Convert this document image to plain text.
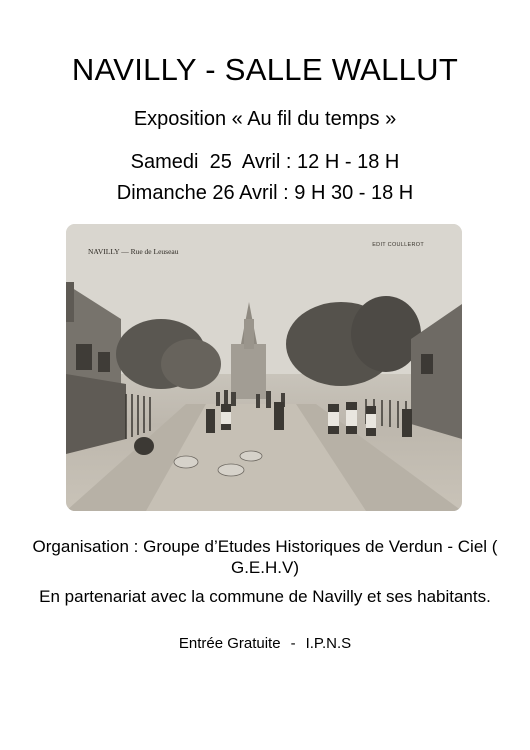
NAVILLY - SALLE WALLUT
Exposition « Au fil du temps »
Samedi  25  Avril : 12 H - 18 H
Dimanche 26 Avril : 9 H 30 - 18 H
NAVILLY — Rue de Leuseau
EDIT COULLEROT
Organisation : Groupe d’Etudes Historiques de Verdun - Ciel ( G.E.H.V)
En partenariat avec la commune de Navilly et ses habitants.
Entrée Gratuite - I.P.N.S
